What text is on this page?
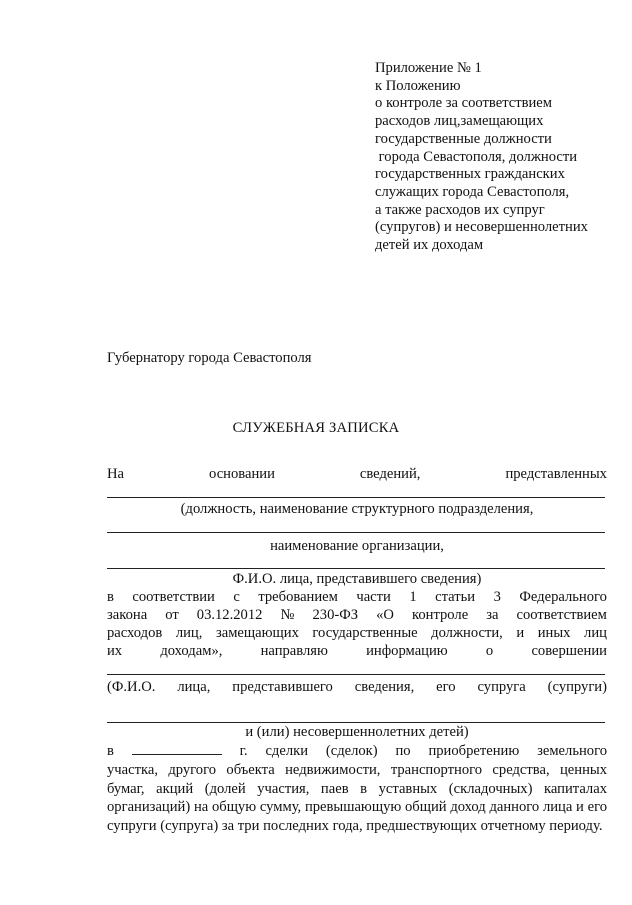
Приложение № 1
к Положению
о контроле за соответствием
расходов лиц,замещающих
государственные должности
города Севастополя, должности
государственных гражданских
служащих города Севастополя,
а также расходов их супруг
(супругов) и несовершеннолетних
детей их доходам
Губернатору города Севастополя
СЛУЖЕБНАЯ ЗАПИСКА
На	основании	сведений,	представленных
(должность, наименование структурного подразделения,
наименование организации,
Ф.И.О. лица, представившего сведения)
в соответствии с требованием части 1 статьи 3 Федерального
закона от 03.12.2012 № 230-ФЗ «О контроле за соответствием
расходов лиц, замещающих государственные должности, и иных лиц
их	доходам»,	направляю	информацию	о	совершении
(Ф.И.О. лица, представившего сведения, его супруга (супруги)
и (или) несовершеннолетних детей)
в	г. сделки (сделок) по приобретению земельного
участка, другого объекта недвижимости, транспортного средства, ценных бумаг, акций (долей участия, паев в уставных (складочных) капиталах организаций) на общую сумму, превышающую общий доход данного лица и его супруги (супруга) за три последних года, предшествующих отчетному периоду.
